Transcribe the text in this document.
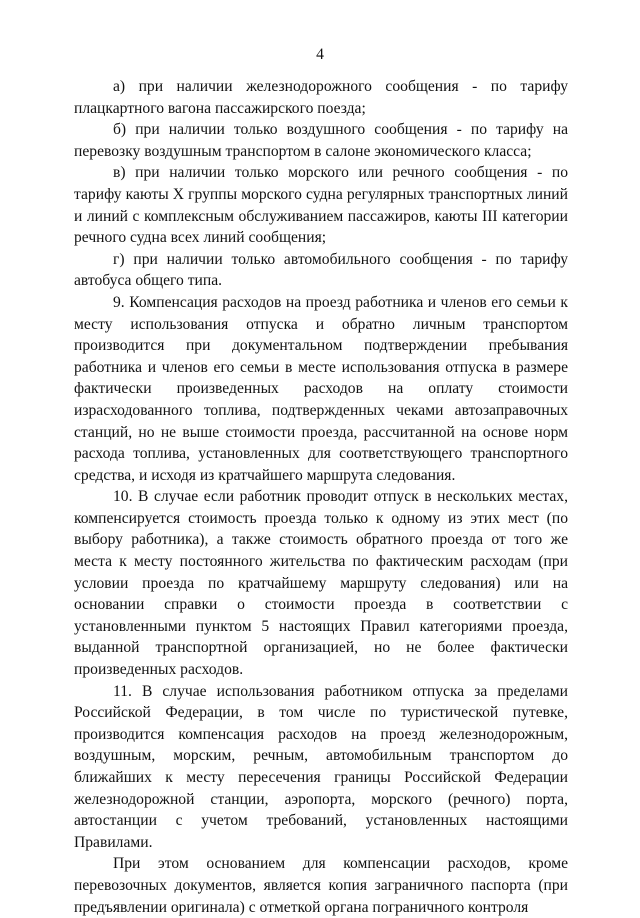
4

а) при наличии железнодорожного сообщения - по тарифу плацкартного вагона пассажирского поезда;

б) при наличии только воздушного сообщения - по тарифу на перевозку воздушным транспортом в салоне экономического класса;

в) при наличии только морского или речного сообщения - по тарифу каюты X группы морского судна регулярных транспортных линий и линий с комплексным обслуживанием пассажиров, каюты III категории речного судна всех линий сообщения;

г) при наличии только автомобильного сообщения - по тарифу автобуса общего типа.

9. Компенсация расходов на проезд работника и членов его семьи к месту использования отпуска и обратно личным транспортом производится при документальном подтверждении пребывания работника и членов его семьи в месте использования отпуска в размере фактически произведенных расходов на оплату стоимости израсходованного топлива, подтвержденных чеками автозаправочных станций, но не выше стоимости проезда, рассчитанной на основе норм расхода топлива, установленных для соответствующего транспортного средства, и исходя из кратчайшего маршрута следования.

10. В случае если работник проводит отпуск в нескольких местах, компенсируется стоимость проезда только к одному из этих мест (по выбору работника), а также стоимость обратного проезда от того же места к месту постоянного жительства по фактическим расходам (при условии проезда по кратчайшему маршруту следования) или на основании справки о стоимости проезда в соответствии с установленными пунктом 5 настоящих Правил категориями проезда, выданной транспортной организацией, но не более фактически произведенных расходов.

11. В случае использования работником отпуска за пределами Российской Федерации, в том числе по туристической путевке, производится компенсация расходов на проезд железнодорожным, воздушным, морским, речным, автомобильным транспортом до ближайших к месту пересечения границы Российской Федерации железнодорожной станции, аэропорта, морского (речного) порта, автостанции с учетом требований, установленных настоящими Правилами.

При этом основанием для компенсации расходов, кроме перевозочных документов, является копия заграничного паспорта (при предъявлении оригинала) с отметкой органа пограничного контроля
